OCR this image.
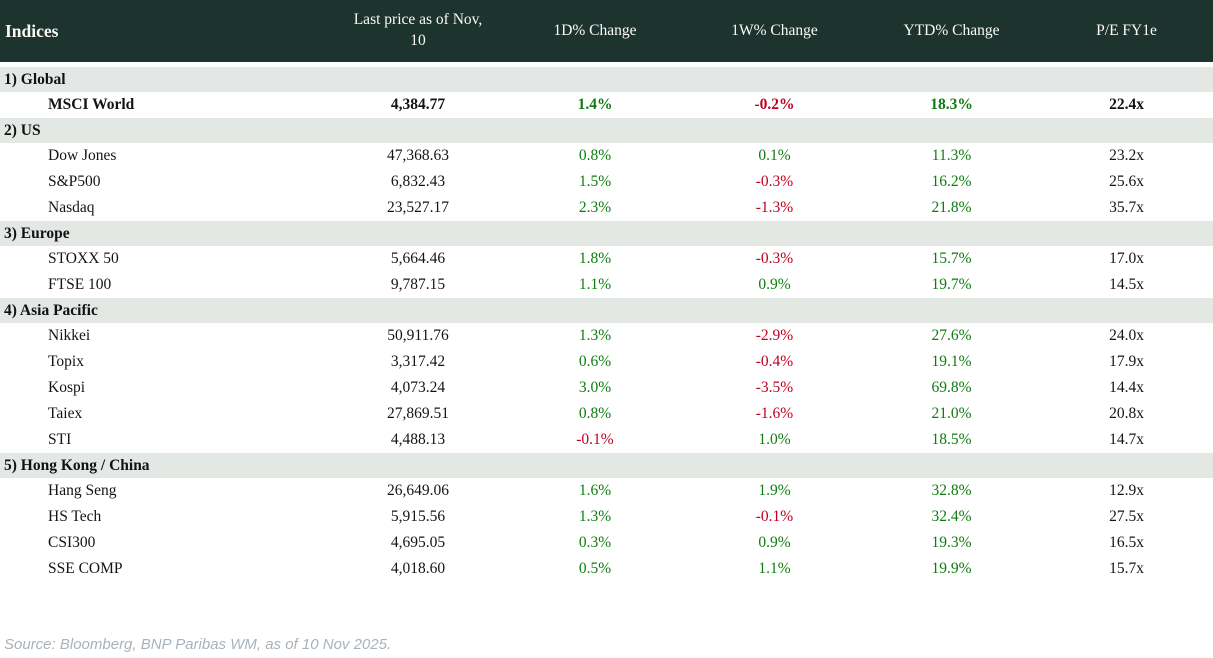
Indices	Last price as of Nov, 10	1D% Change	1W% Change	YTD% Change	P/E FY1e

1) Global					
MSCI World	4,384.77	1.4%	-0.2%	18.3%	22.4x
2) US					
Dow Jones	47,368.63	0.8%	0.1%	11.3%	23.2x
S&P500	6,832.43	1.5%	-0.3%	16.2%	25.6x
Nasdaq	23,527.17	2.3%	-1.3%	21.8%	35.7x
3) Europe					
STOXX 50	5,664.46	1.8%	-0.3%	15.7%	17.0x
FTSE 100	9,787.15	1.1%	0.9%	19.7%	14.5x
4) Asia Pacific					
Nikkei	50,911.76	1.3%	-2.9%	27.6%	24.0x
Topix	3,317.42	0.6%	-0.4%	19.1%	17.9x
Kospi	4,073.24	3.0%	-3.5%	69.8%	14.4x
Taiex	27,869.51	0.8%	-1.6%	21.0%	20.8x
STI	4,488.13	-0.1%	1.0%	18.5%	14.7x
5) Hong Kong / China					
Hang Seng	26,649.06	1.6%	1.9%	32.8%	12.9x
HS Tech	5,915.56	1.3%	-0.1%	32.4%	27.5x
CSI300	4,695.05	0.3%	0.9%	19.3%	16.5x
SSE COMP	4,018.60	0.5%	1.1%	19.9%	15.7x
Source: Bloomberg, BNP Paribas WM, as of 10 Nov 2025.
